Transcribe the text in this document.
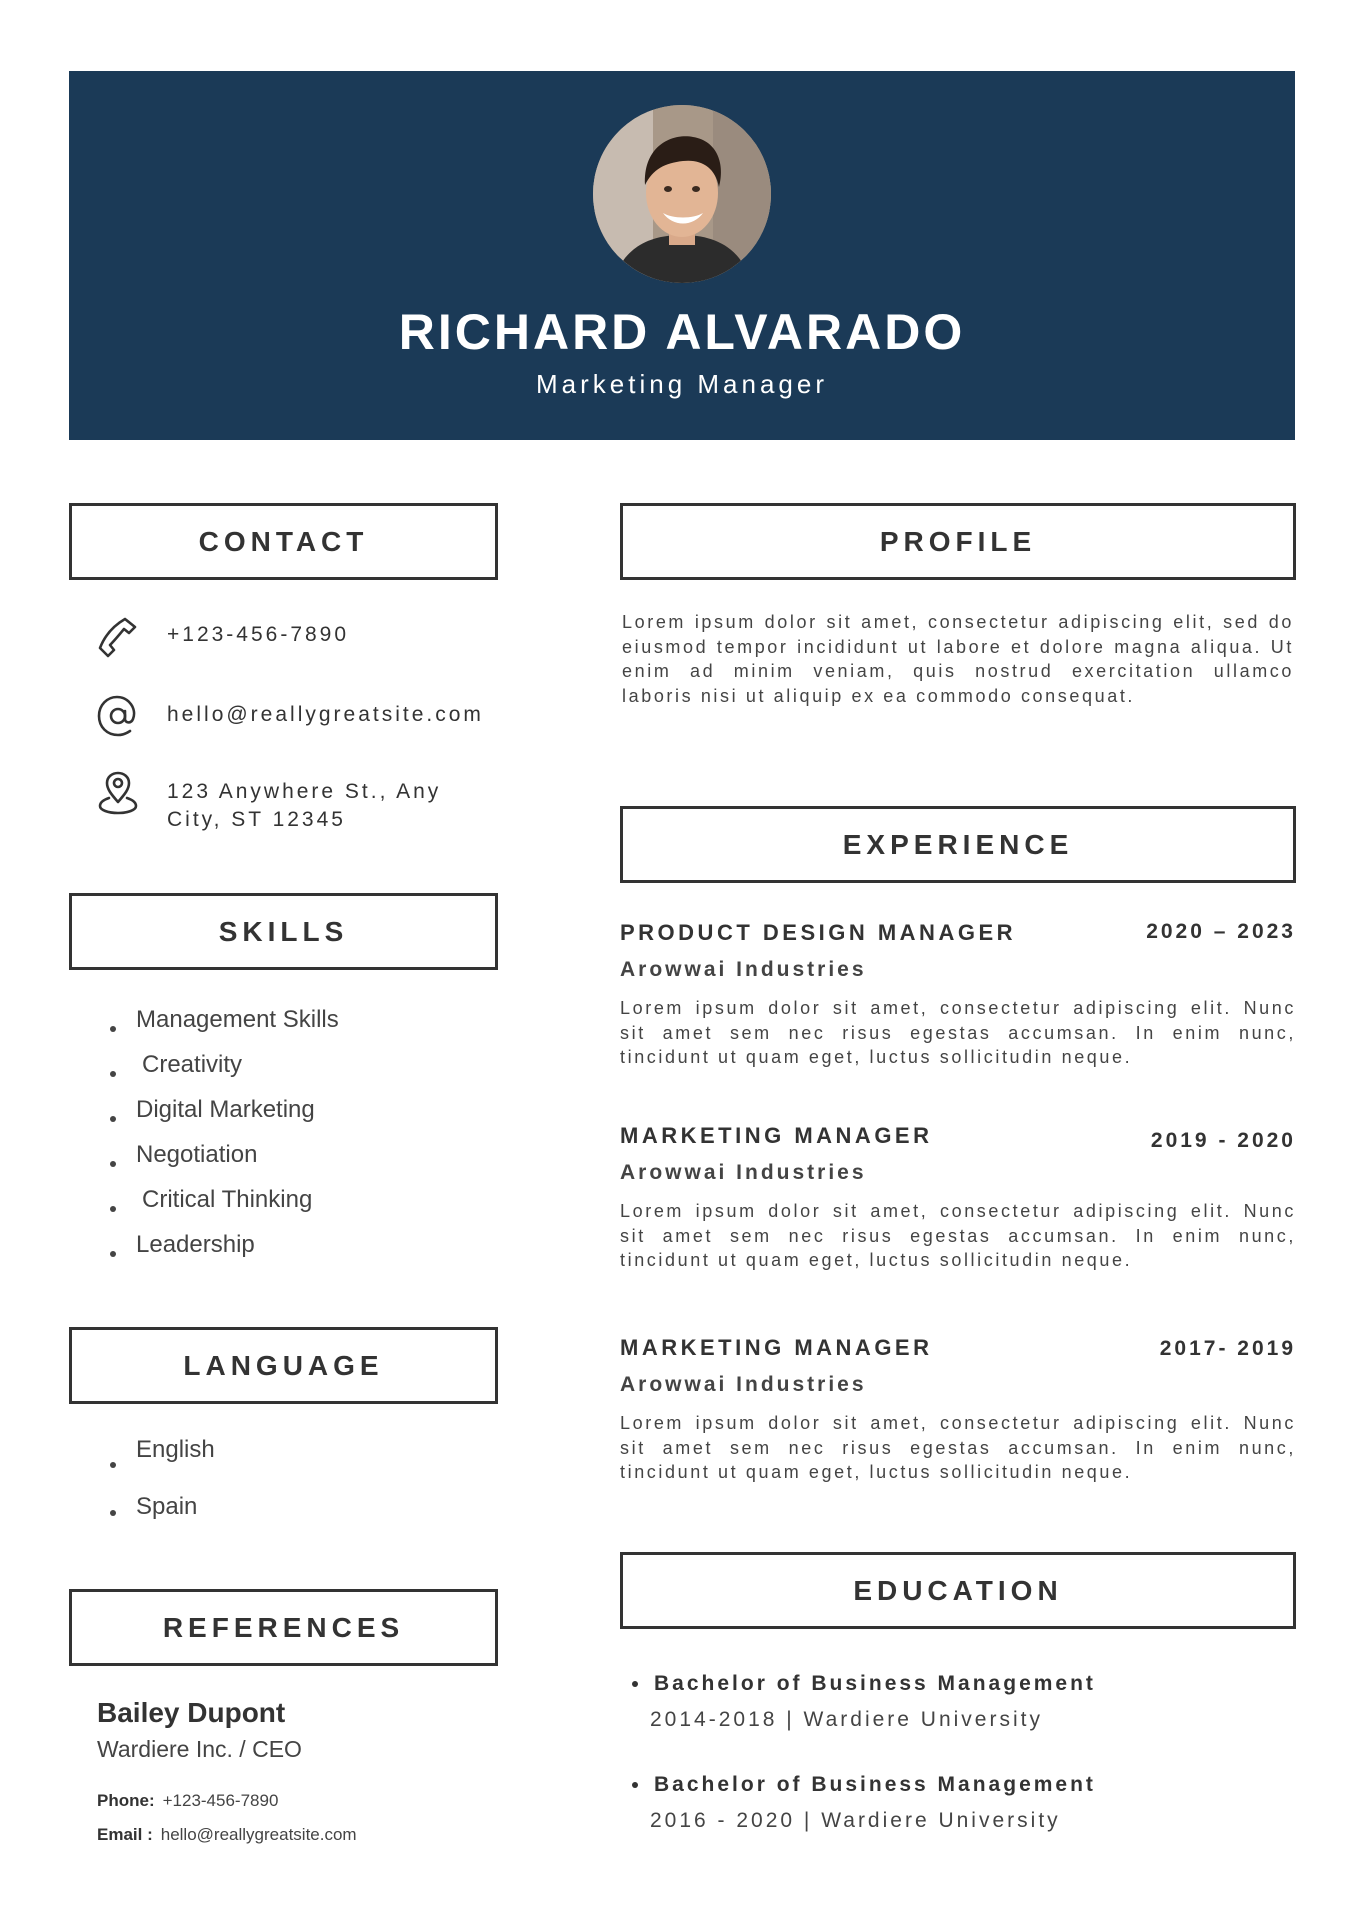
RICHARD ALVARADO
Marketing Manager
CONTACT
+123-456-7890
hello@reallygreatsite.com
123 Anywhere St., Any
City, ST 12345
SKILLS
Management Skills
Creativity
Digital Marketing
Negotiation
Critical Thinking
Leadership
LANGUAGE
English
Spain
REFERENCES
Bailey Dupont
Wardiere Inc. / CEO
Phone: +123-456-7890
Email : hello@reallygreatsite.com
PROFILE
Lorem ipsum dolor sit amet, consectetur adipiscing elit, sed do eiusmod tempor incididunt ut labore et dolore magna aliqua. Ut enim ad minim veniam, quis nostrud exercitation ullamco laboris nisi ut aliquip ex ea commodo consequat.
EXPERIENCE
PRODUCT DESIGN MANAGER	2020 – 2023
Arowwai Industries
Lorem ipsum dolor sit amet, consectetur adipiscing elit. Nunc sit amet sem nec risus egestas accumsan. In enim nunc, tincidunt ut quam eget, luctus sollicitudin neque.
MARKETING MANAGER	2019 - 2020
Arowwai Industries
Lorem ipsum dolor sit amet, consectetur adipiscing elit. Nunc sit amet sem nec risus egestas accumsan. In enim nunc, tincidunt ut quam eget, luctus sollicitudin neque.
MARKETING MANAGER	2017- 2019
Arowwai Industries
Lorem ipsum dolor sit amet, consectetur adipiscing elit. Nunc sit amet sem nec risus egestas accumsan. In enim nunc, tincidunt ut quam eget, luctus sollicitudin neque.
EDUCATION
Bachelor of Business Management
2014-2018 | Wardiere University
Bachelor of Business Management
2016 - 2020 | Wardiere University
